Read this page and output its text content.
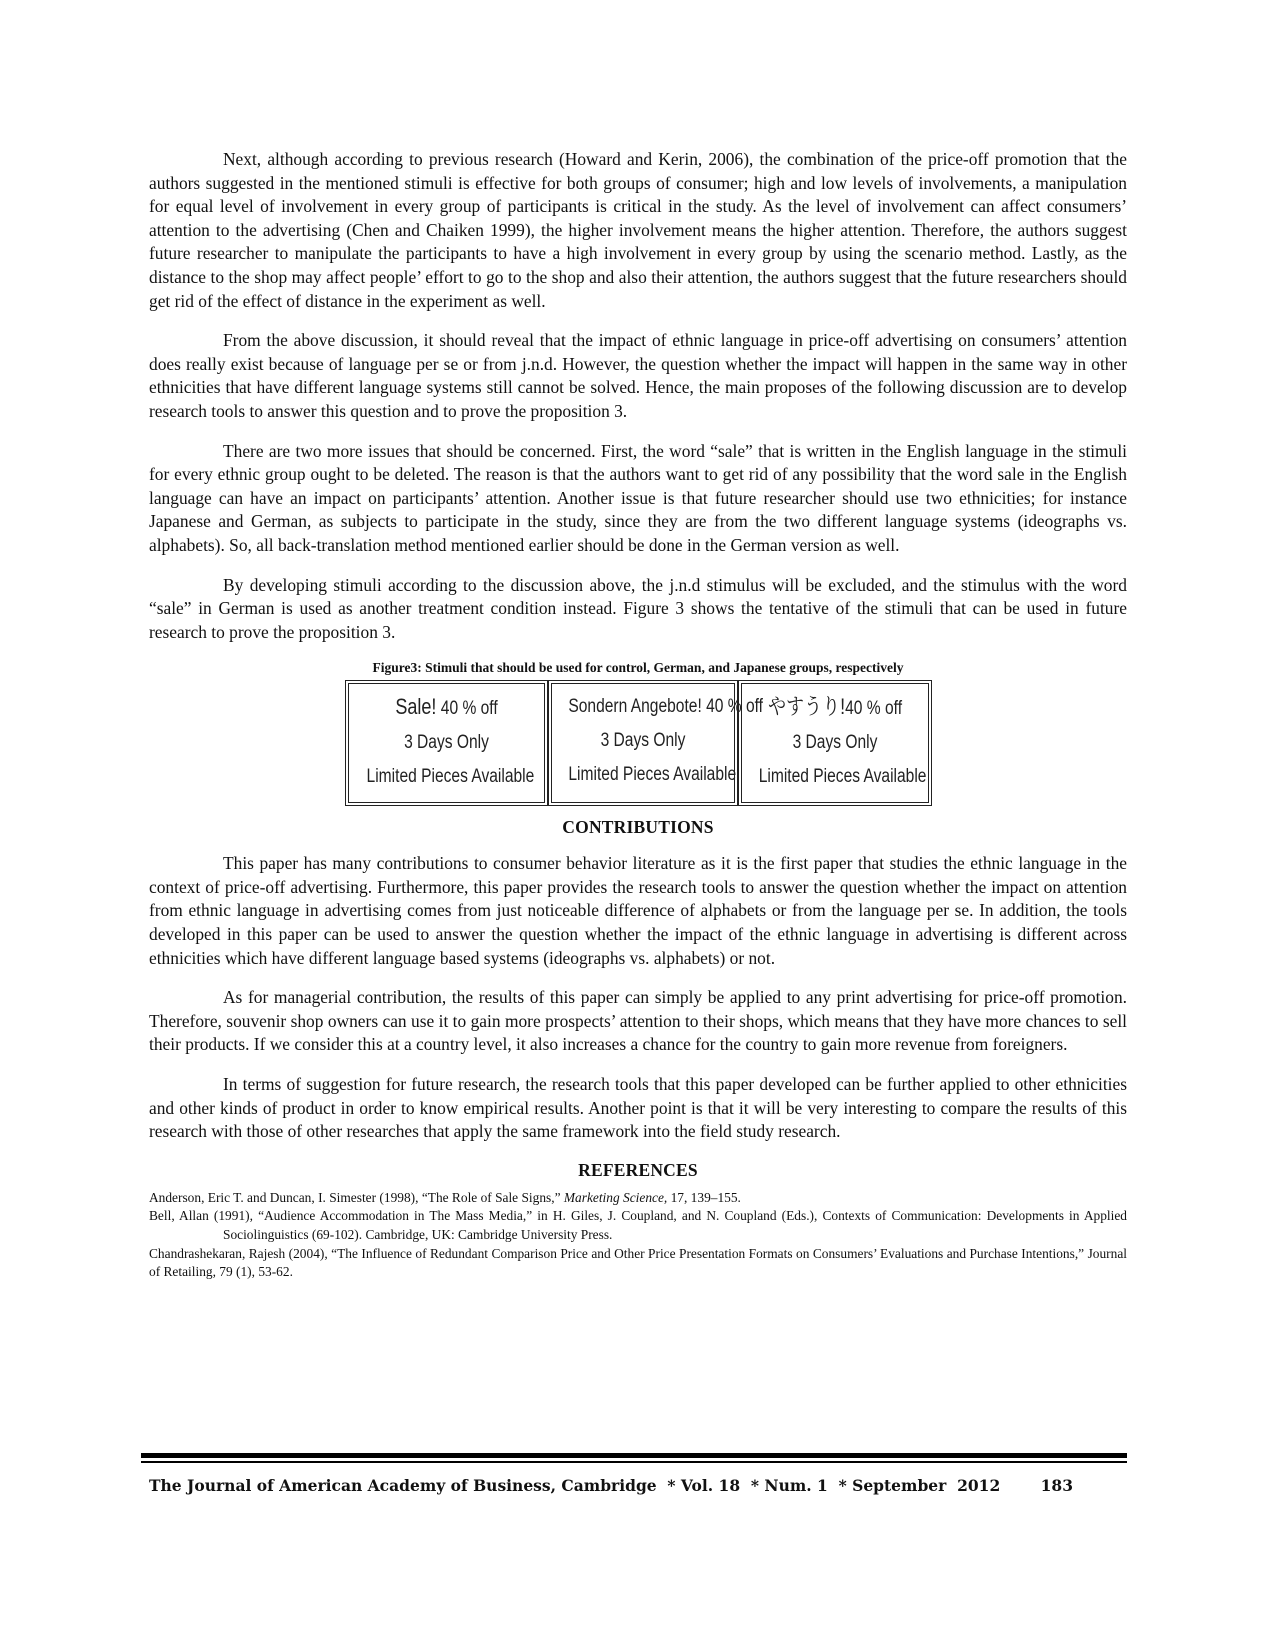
Next, although according to previous research (Howard and Kerin, 2006), the combination of the price-off promotion that the authors suggested in the mentioned stimuli is effective for both groups of consumer; high and low levels of involvements, a manipulation for equal level of involvement in every group of participants is critical in the study. As the level of involvement can affect consumers’ attention to the advertising (Chen and Chaiken 1999), the higher involvement means the higher attention. Therefore, the authors suggest future researcher to manipulate the participants to have a high involvement in every group by using the scenario method. Lastly, as the distance to the shop may affect people’ effort to go to the shop and also their attention, the authors suggest that the future researchers should get rid of the effect of distance in the experiment as well.

From the above discussion, it should reveal that the impact of ethnic language in price-off advertising on consumers’ attention does really exist because of language per se or from j.n.d. However, the question whether the impact will happen in the same way in other ethnicities that have different language systems still cannot be solved. Hence, the main proposes of the following discussion are to develop research tools to answer this question and to prove the proposition 3.

There are two more issues that should be concerned. First, the word “sale” that is written in the English language in the stimuli for every ethnic group ought to be deleted. The reason is that the authors want to get rid of any possibility that the word sale in the English language can have an impact on participants’ attention. Another issue is that future researcher should use two ethnicities; for instance Japanese and German, as subjects to participate in the study, since they are from the two different language systems (ideographs vs. alphabets). So, all back-translation method mentioned earlier should be done in the German version as well.

By developing stimuli according to the discussion above, the j.n.d stimulus will be excluded, and the stimulus with the word “sale” in German is used as another treatment condition instead. Figure 3 shows the tentative of the stimuli that can be used in future research to prove the proposition 3.

Figure3: Stimuli that should be used for control, German, and Japanese groups, respectively
Sale! 40 % off
3 Days Only
Limited Pieces Available
Sondern Angebote! 40 % off
3 Days Only
Limited Pieces Available
やすうり!40 % off
3 Days Only
Limited Pieces Available
CONTRIBUTIONS

This paper has many contributions to consumer behavior literature as it is the first paper that studies the ethnic language in the context of price-off advertising. Furthermore, this paper provides the research tools to answer the question whether the impact on attention from ethnic language in advertising comes from just noticeable difference of alphabets or from the language per se. In addition, the tools developed in this paper can be used to answer the question whether the impact of the ethnic language in advertising is different across ethnicities which have different language based systems (ideographs vs. alphabets) or not.

As for managerial contribution, the results of this paper can simply be applied to any print advertising for price-off promotion. Therefore, souvenir shop owners can use it to gain more prospects’ attention to their shops, which means that they have more chances to sell their products. If we consider this at a country level, it also increases a chance for the country to gain more revenue from foreigners.

In terms of suggestion for future research, the research tools that this paper developed can be further applied to other ethnicities and other kinds of product in order to know empirical results. Another point is that it will be very interesting to compare the results of this research with those of other researches that apply the same framework into the field study research.

REFERENCES
Anderson, Eric T. and Duncan, I. Simester (1998), “The Role of Sale Signs,” Marketing Science, 17, 139–155.
Bell, Allan (1991), “Audience Accommodation in The Mass Media,” in H. Giles, J. Coupland, and N. Coupland (Eds.), Contexts of Communication: Developments in Applied Sociolinguistics (69-102). Cambridge, UK: Cambridge University Press.
Chandrashekaran, Rajesh (2004), “The Influence of Redundant Comparison Price and Other Price Presentation Formats on Consumers’ Evaluations and Purchase Intentions,” Journal of Retailing, 79 (1), 53-62.
The Journal of American Academy of Business, Cambridge  * Vol. 18  * Num. 1  * September  2012	183
